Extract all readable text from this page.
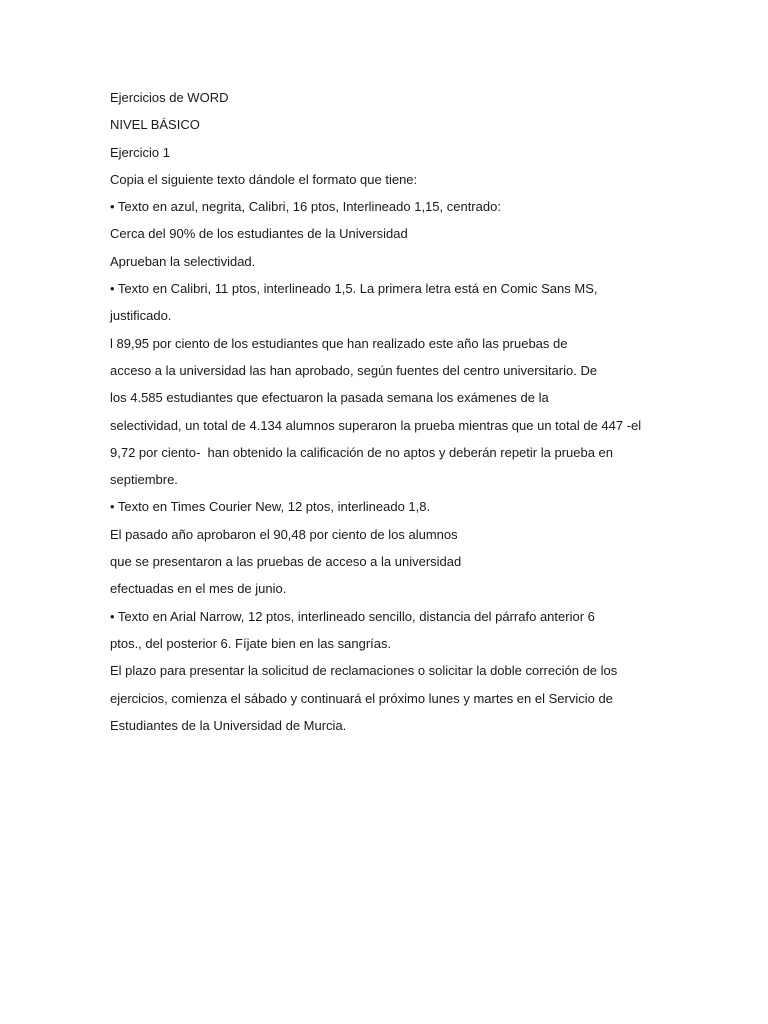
Ejercicios de WORD

NIVEL BÁSICO

Ejercicio 1

Copia el siguiente texto dándole el formato que tiene:

• Texto en azul, negrita, Calibri, 16 ptos, Interlineado 1,15, centrado:

Cerca del 90% de los estudiantes de la Universidad

Aprueban la selectividad.

• Texto en Calibri, 11 ptos, interlineado 1,5. La primera letra está en Comic Sans MS,

justificado.

l 89,95 por ciento de los estudiantes que han realizado este año las pruebas de

acceso a la universidad las han aprobado, según fuentes del centro universitario. De

los 4.585 estudiantes que efectuaron la pasada semana los exámenes de la

selectividad, un total de 4.134 alumnos superaron la prueba mientras que un total de 447 -el

9,72 por ciento-  han obtenido la calificación de no aptos y deberán repetir la prueba en

septiembre.

• Texto en Times Courier New, 12 ptos, interlineado 1,8.

El pasado año aprobaron el 90,48 por ciento de los alumnos

que se presentaron a las pruebas de acceso a la universidad

efectuadas en el mes de junio.

• Texto en Arial Narrow, 12 ptos, interlineado sencillo, distancia del párrafo anterior 6

ptos., del posterior 6. Fíjate bien en las sangrías.

El plazo para presentar la solicitud de reclamaciones o solicitar la doble correción de los

ejercicios, comienza el sábado y continuará el próximo lunes y martes en el Servicio de

Estudiantes de la Universidad de Murcia.
